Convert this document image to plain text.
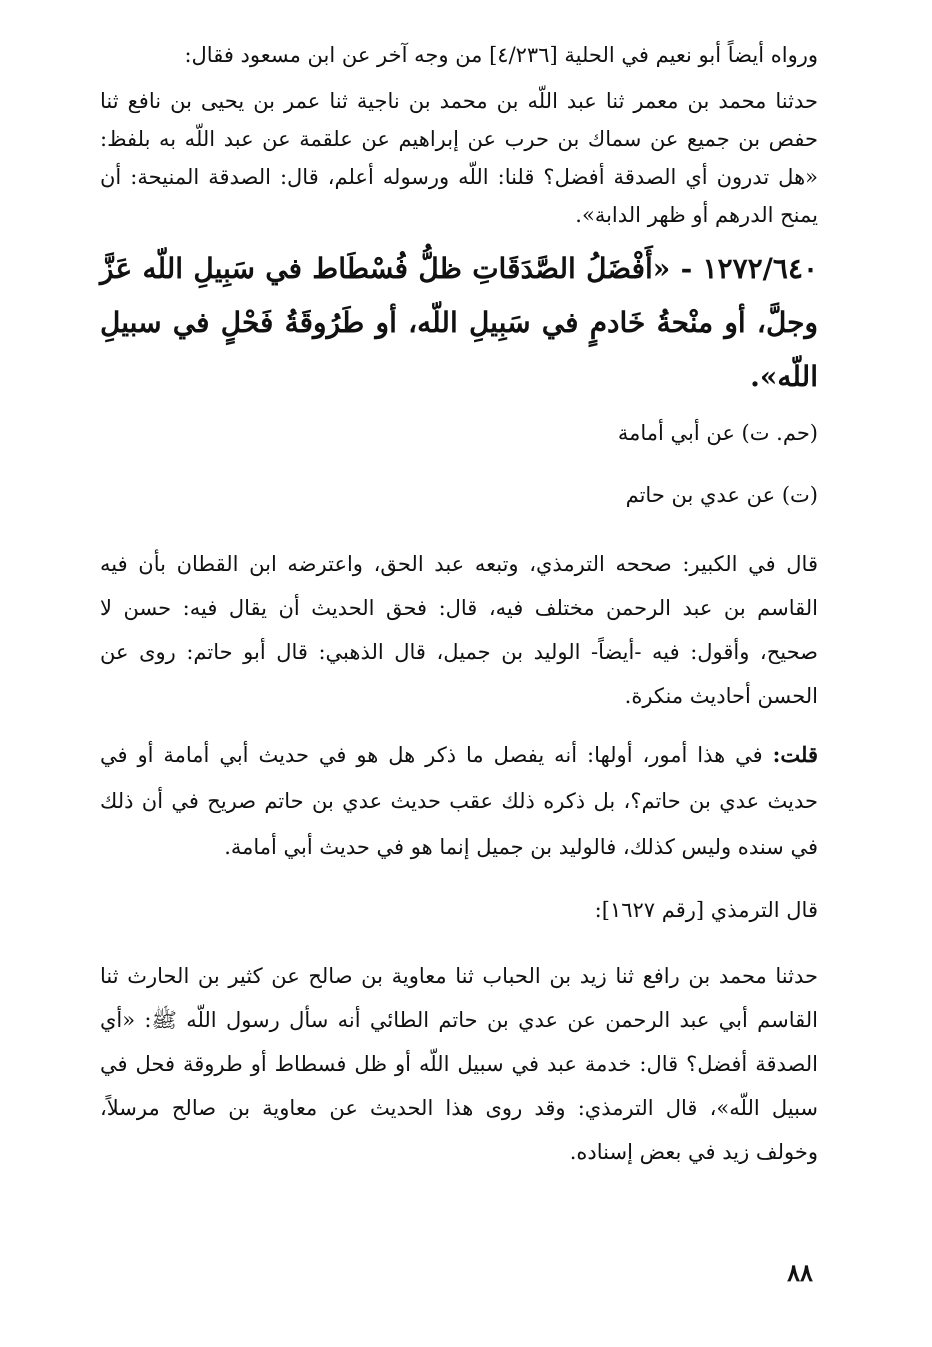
ورواه أيضاً أبو نعيم في الحلية [٤/٢٣٦] من وجه آخر عن ابن مسعود فقال:

حدثنا محمد بن معمر ثنا عبد اللّه بن محمد بن ناجية ثنا عمر بن يحيى بن نافع ثنا حفص بن جميع عن سماك بن حرب عن إبراهيم عن علقمة عن عبد اللّه به بلفظ: «هل تدرون أي الصدقة أفضل؟ قلنا: اللّه ورسوله أعلم، قال: الصدقة المنيحة: أن يمنح الدرهم أو ظهر الدابة».

١٢٧٢/٦٤٠ - «أَفْضَلُ الصَّدَقَاتِ ظلُّ فُسْطَاط في سَبِيلِ اللّه عَزَّ وجلَّ، أو منْحةُ خَادمٍ في سَبِيلِ اللّه، أو طَرُوقَةُ فَحْلٍ في سبيلِ اللّه».

(حم. ت) عن أبي أمامة

(ت) عن عدي بن حاتم

قال في الكبير: صححه الترمذي، وتبعه عبد الحق، واعترضه ابن القطان بأن فيه القاسم بن عبد الرحمن مختلف فيه، قال: فحق الحديث أن يقال فيه: حسن لا صحيح، وأقول: فيه -أيضاً- الوليد بن جميل، قال الذهبي: قال أبو حاتم: روى عن الحسن أحاديث منكرة.

قلت: في هذا أمور، أولها: أنه يفصل ما ذكر هل هو في حديث أبي أمامة أو في حديث عدي بن حاتم؟، بل ذكره ذلك عقب حديث عدي بن حاتم صريح في أن ذلك في سنده وليس كذلك، فالوليد بن جميل إنما هو في حديث أبي أمامة.

قال الترمذي [رقم ١٦٢٧]:

حدثنا محمد بن رافع ثنا زيد بن الحباب ثنا معاوية بن صالح عن كثير بن الحارث ثنا القاسم أبي عبد الرحمن عن عدي بن حاتم الطائي أنه سأل رسول اللّه ﷺ: «أي الصدقة أفضل؟ قال: خدمة عبد في سبيل اللّه أو ظل فسطاط أو طروقة فحل في سبيل اللّه»، قال الترمذي: وقد روى هذا الحديث عن معاوية بن صالح مرسلاً، وخولف زيد في بعض إسناده.

٨٨
